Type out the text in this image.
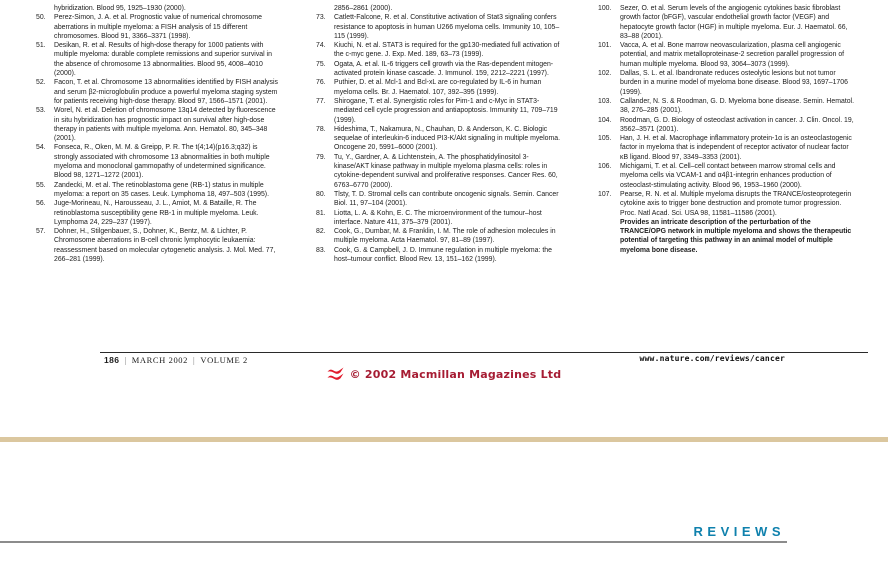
hybridization. Blood 95, 1925–1930 (2000).
50.	Perez-Simon, J. A. et al. Prognostic value of numerical chromosome aberrations in multiple myeloma: a FISH analysis of 15 different chromosomes. Blood 91, 3366–3371 (1998).
51.	Desikan, R. et al. Results of high-dose therapy for 1000 patients with multiple myeloma: durable complete remissions and superior survival in the absence of chromosome 13 abnormalities. Blood 95, 4008–4010 (2000).
52.	Facon, T. et al. Chromosome 13 abnormalities identified by FISH analysis and serum β2-microglobulin produce a powerful myeloma staging system for patients receiving high-dose therapy. Blood 97, 1566–1571 (2001).
53.	Worel, N. et al. Deletion of chromosome 13q14 detected by fluorescence in situ hybridization has prognostic impact on survival after high-dose therapy in patients with multiple myeloma. Ann. Hematol. 80, 345–348 (2001).
54.	Fonseca, R., Oken, M. M. & Greipp, P. R. The t(4;14)(p16.3;q32) is strongly associated with chromosome 13 abnormalities in both multiple myeloma and monoclonal gammopathy of undetermined significance. Blood 98, 1271–1272 (2001).
55.	Zandecki, M. et al. The retinoblastoma gene (RB-1) status in multiple myeloma: a report on 35 cases. Leuk. Lymphoma 18, 497–503 (1995).
56.	Juge-Morineau, N., Harousseau, J. L., Amiot, M. & Bataille, R. The retinoblastoma susceptibility gene RB-1 in multiple myeloma. Leuk. Lymphoma 24, 229–237 (1997).
57.	Dohner, H., Stilgenbauer, S., Dohner, K., Bentz, M. & Lichter, P. Chromosome aberrations in B-cell chronic lymphocytic leukaemia: reassessment based on molecular cytogenetic analysis. J. Mol. Med. 77, 266–281 (1999).
2856–2861 (2000).
73.	Catlett-Falcone, R. et al. Constitutive activation of Stat3 signaling confers resistance to apoptosis in human U266 myeloma cells. Immunity 10, 105–115 (1999).
74.	Kiuchi, N. et al. STAT3 is required for the gp130-mediated full activation of the c-myc gene. J. Exp. Med. 189, 63–73 (1999).
75.	Ogata, A. et al. IL-6 triggers cell growth via the Ras-dependent mitogen-activated protein kinase cascade. J. Immunol. 159, 2212–2221 (1997).
76.	Puthier, D. et al. Mcl-1 and Bcl-xL are co-regulated by IL-6 in human myeloma cells. Br. J. Haematol. 107, 392–395 (1999).
77.	Shirogane, T. et al. Synergistic roles for Pim-1 and c-Myc in STAT3-mediated cell cycle progression and antiapoptosis. Immunity 11, 709–719 (1999).
78.	Hideshima, T., Nakamura, N., Chauhan, D. & Anderson, K. C. Biologic sequelae of interleukin-6 induced PI3-K/Akt signaling in multiple myeloma. Oncogene 20, 5991–6000 (2001).
79.	Tu, Y., Gardner, A. & Lichtenstein, A. The phosphatidylinositol 3-kinase/AKT kinase pathway in multiple myeloma plasma cells: roles in cytokine-dependent survival and proliferative responses. Cancer Res. 60, 6763–6770 (2000).
80.	Tlsty, T. D. Stromal cells can contribute oncogenic signals. Semin. Cancer Biol. 11, 97–104 (2001).
81.	Liotta, L. A. & Kohn, E. C. The microenvironment of the tumour–host interface. Nature 411, 375–379 (2001).
82.	Cook, G., Dumbar, M. & Franklin, I. M. The role of adhesion molecules in multiple myeloma. Acta Haematol. 97, 81–89 (1997).
83.	Cook, G. & Campbell, J. D. Immune regulation in multiple myeloma: the host–tumour conflict. Blood Rev. 13, 151–162 (1999).
100.	Sezer, O. et al. Serum levels of the angiogenic cytokines basic fibroblast growth factor (bFGF), vascular endothelial growth factor (VEGF) and hepatocyte growth factor (HGF) in multiple myeloma. Eur. J. Haematol. 66, 83–88 (2001).
101.	Vacca, A. et al. Bone marrow neovascularization, plasma cell angiogenic potential, and matrix metalloproteinase-2 secretion parallel progression of human multiple myeloma. Blood 93, 3064–3073 (1999).
102.	Dallas, S. L. et al. Ibandronate reduces osteolytic lesions but not tumor burden in a murine model of myeloma bone disease. Blood 93, 1697–1706 (1999).
103.	Callander, N. S. & Roodman, G. D. Myeloma bone disease. Semin. Hematol. 38, 276–285 (2001).
104.	Roodman, G. D. Biology of osteoclast activation in cancer. J. Clin. Oncol. 19, 3562–3571 (2001).
105.	Han, J. H. et al. Macrophage inflammatory protein-1α is an osteoclastogenic factor in myeloma that is independent of receptor activator of nuclear factor κB ligand. Blood 97, 3349–3353 (2001).
106.	Michigami, T. et al. Cell–cell contact between marrow stromal cells and myeloma cells via VCAM-1 and α4β1-integrin enhances production of osteoclast-stimulating activity. Blood 96, 1953–1960 (2000).
107.	Pearse, R. N. et al. Multiple myeloma disrupts the TRANCE/osteoprotegerin cytokine axis to trigger bone destruction and promote tumor progression. Proc. Natl Acad. Sci. USA 98, 11581–11586 (2001).
Provides an intricate description of the perturbation of the TRANCE/OPG network in multiple myeloma and shows the therapeutic potential of targeting this pathway in an animal model of multiple myeloma bone disease.
186 | MARCH 2002 | VOLUME 2	www.nature.com/reviews/cancer
© 2002 Macmillan Magazines Ltd
REVIEWS
